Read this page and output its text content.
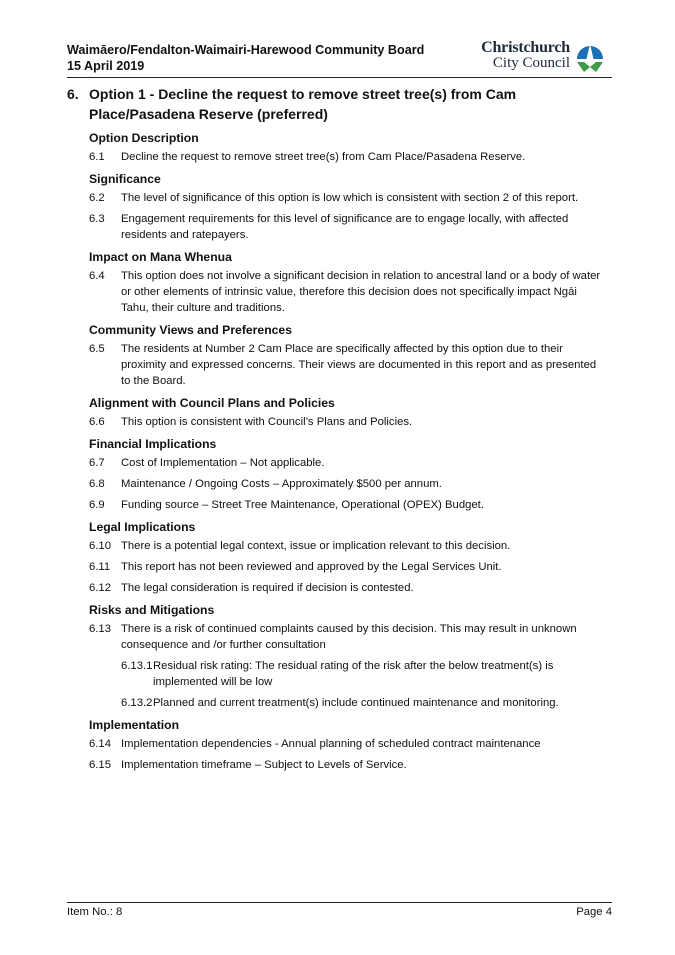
Waimāero/Fendalton-Waimairi-Harewood Community Board
15 April 2019
Christchurch
City Council
6. Option 1 - Decline the request to remove street tree(s) from Cam
Place/Pasadena Reserve (preferred)
Option Description
6.1 Decline the request to remove street tree(s) from Cam Place/Pasadena Reserve.
Significance
6.2 The level of significance of this option is low which is consistent with section 2 of this report.
6.3 Engagement requirements for this level of significance are to engage locally, with affected
residents and ratepayers.
Impact on Mana Whenua
6.4 This option does not involve a significant decision in relation to ancestral land or a body of water
or other elements of intrinsic value, therefore this decision does not specifically impact Ngāi
Tahu, their culture and traditions.
Community Views and Preferences
6.5 The residents at Number 2 Cam Place are specifically affected by this option due to their
proximity and expressed concerns. Their views are documented in this report and as presented
to the Board.
Alignment with Council Plans and Policies
6.6 This option is consistent with Council’s Plans and Policies.
Financial Implications
6.7 Cost of Implementation – Not applicable.
6.8 Maintenance / Ongoing Costs – Approximately $500 per annum.
6.9 Funding source – Street Tree Maintenance, Operational (OPEX) Budget.
Legal Implications
6.10 There is a potential legal context, issue or implication relevant to this decision.
6.11 This report has not been reviewed and approved by the Legal Services Unit.
6.12 The legal consideration is required if decision is contested.
Risks and Mitigations
6.13 There is a risk of continued complaints caused by this decision. This may result in unknown
consequence and /or further consultation
6.13.1 Residual risk rating: The residual rating of the risk after the below treatment(s) is
implemented will be low
6.13.2 Planned and current treatment(s) include continued maintenance and monitoring.
Implementation
6.14 Implementation dependencies - Annual planning of scheduled contract maintenance
6.15 Implementation timeframe – Subject to Levels of Service.
Item No.: 8	Page 4
